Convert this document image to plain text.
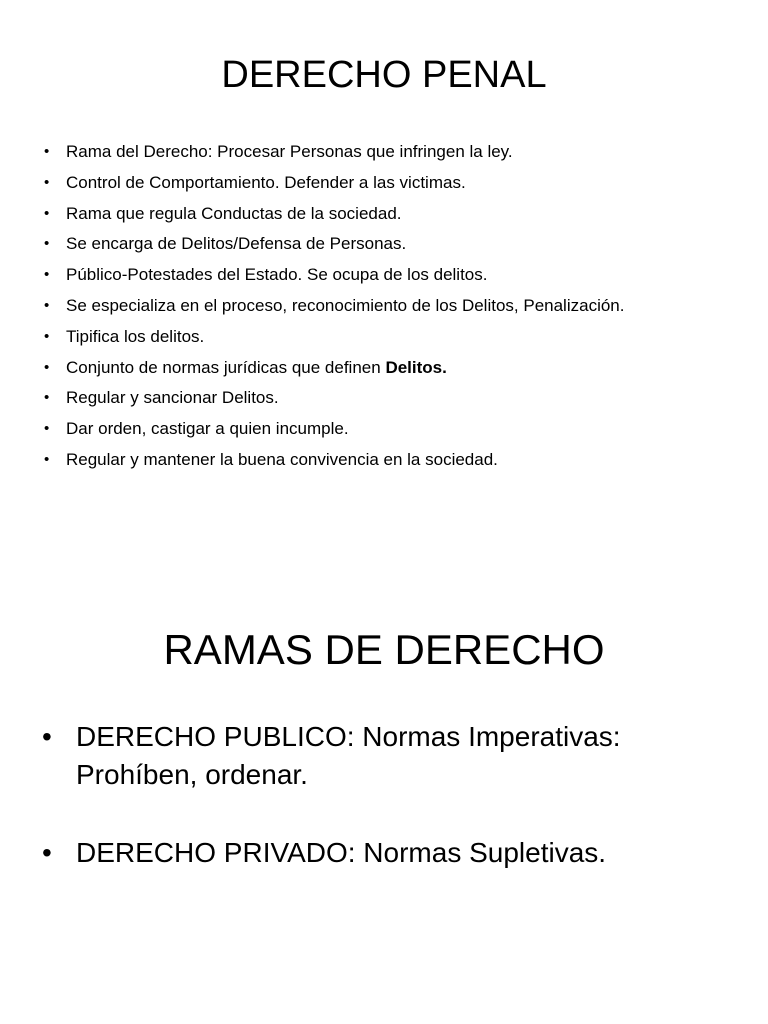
DERECHO PENAL
• Rama del Derecho: Procesar Personas que infringen la ley.
• Control de Comportamiento. Defender a las victimas.
• Rama que regula Conductas de la sociedad.
• Se encarga de Delitos/Defensa de Personas.
• Público-Potestades del Estado. Se ocupa de los delitos.
• Se especializa en el proceso, reconocimiento de los Delitos, Penalización.
• Tipifica los delitos.
• Conjunto de normas jurídicas que definen Delitos.
• Regular y sancionar Delitos.
• Dar orden, castigar a quien incumple.
• Regular y mantener la buena convivencia en la sociedad.
RAMAS DE DERECHO
• DERECHO PUBLICO: Normas Imperativas: Prohíben, ordenar.
• DERECHO PRIVADO: Normas Supletivas.
